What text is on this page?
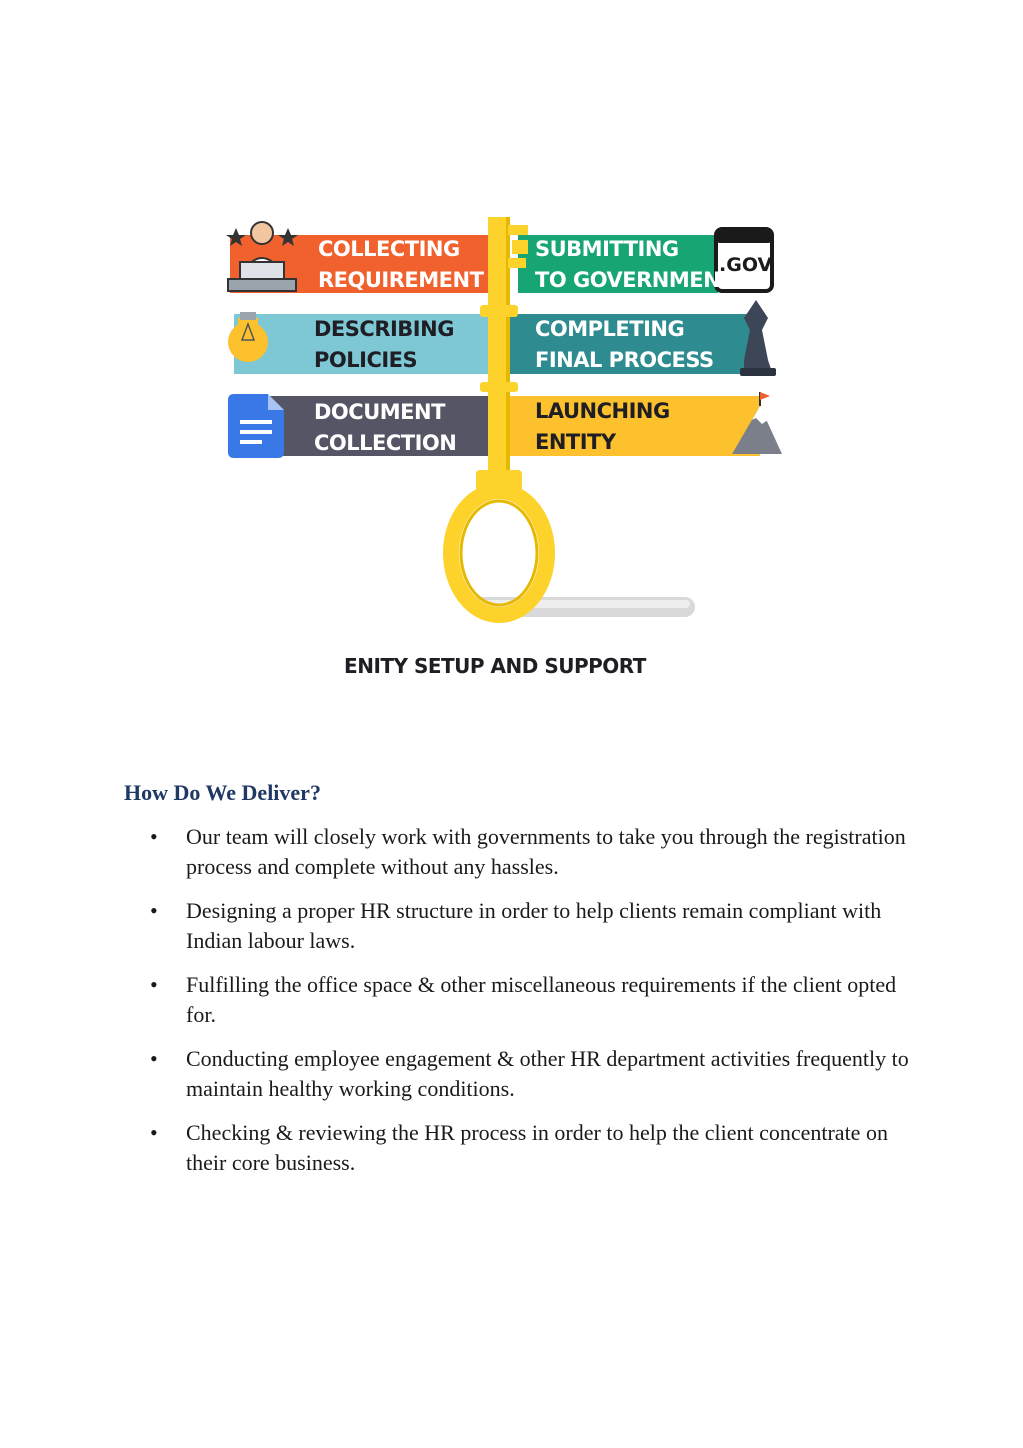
COLLECTING
REQUIREMENT
SUBMITTING
TO GOVERNMENT
DESCRIBING
POLICIES
COMPLETING
FINAL PROCESS
DOCUMENT
COLLECTION
LAUNCHING
ENTITY
.GOV
ENITY SETUP AND SUPPORT
How Do We Deliver?
• Our team will closely work with governments to take you through the registration process and complete without any hassles.
• Designing a proper HR structure in order to help clients remain compliant with Indian labour laws.
• Fulfilling the office space & other miscellaneous requirements if the client opted for.
• Conducting employee engagement & other HR department activities frequently to maintain healthy working conditions.
• Checking & reviewing the HR process in order to help the client concentrate on their core business.
